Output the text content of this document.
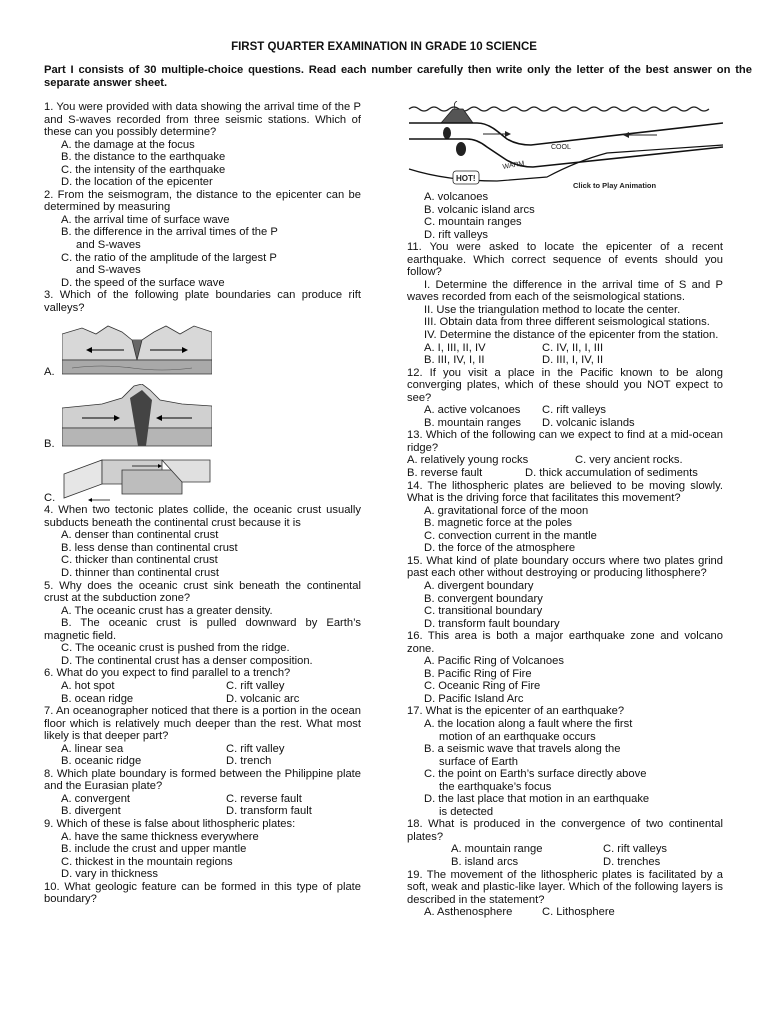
FIRST QUARTER EXAMINATION IN GRADE 10 SCIENCE
Part I consists of 30 multiple-choice questions. Read each number carefully then write only the letter of the best answer on the separate answer sheet.

1. You were provided with data showing the arrival time of the P and S-waves recorded from three seismic stations. Which of these can you possibly determine?

A. the damage at the focus

B. the distance to the earthquake

C. the intensity of the earthquake

D. the location of the epicenter

2. From the seismogram, the distance to the epicenter can be determined by measuring

A. the arrival time of surface wave

B. the difference in the arrival times of the P
and S-waves

C. the ratio of the amplitude of the largest P
and S-waves

D. the speed of the surface wave

3. Which of the following plate boundaries can produce rift valleys?

A.
B.
C.

4. When two tectonic plates collide, the oceanic crust usually subducts beneath the continental crust because it is

A. denser than continental crust

B. less dense than continental crust

C. thicker than continental crust

D. thinner than continental crust

5. Why does the oceanic crust sink beneath the continental crust at the subduction zone?

A. The oceanic crust has a greater density.

B. The oceanic crust is pulled downward by Earth’s magnetic field.

C. The oceanic crust is pushed from the ridge.

D. The continental crust has a denser composition.

6. What do you expect to find parallel to a trench?

A. hot spot	C. rift valley
B. ocean ridge	D. volcanic arc

7. An oceanographer noticed that there is a portion in the ocean floor which is relatively much deeper than the rest. What most likely is that deeper part?

A. linear sea	C. rift valley
B. oceanic ridge	D. trench

8. Which plate boundary is formed between the Philippine plate and the Eurasian plate?

A. convergent	C. reverse fault
B. divergent	D. transform fault

9. Which of these is false about lithospheric plates:

A. have the same thickness everywhere

B. include the crust and upper mantle

C. thickest in the mountain regions

D. vary in thickness

10. What geologic feature can be formed in this type of plate boundary?

COOL
WARM
HOT!
Click to Play Animation

A. volcanoes

B. volcanic island arcs

C. mountain ranges

D. rift valleys

11. You were asked to locate the epicenter of a recent earthquake. Which correct sequence of events should you follow?

I. Determine the difference in the arrival time of S and P waves recorded from each of the seismological stations.

II. Use the triangulation method to locate the center.

III. Obtain data from three different seismological stations.

IV. Determine the distance of the epicenter from the station.

A. I, III, II, IV	C. IV, II, I, III
B. III, IV, I, II	D. III, I, IV, II

12. If you visit a place in the Pacific known to be along converging plates, which of these should you NOT expect to see?

A. active volcanoes	C. rift valleys
B. mountain ranges	D. volcanic islands

13. Which of the following can we expect to find at a mid-ocean ridge?

A. relatively young rocks	C. very ancient rocks.
B. reverse fault	D. thick accumulation of sediments

14. The lithospheric plates are believed to be moving slowly. What is the driving force that facilitates this movement?

A. gravitational force of the moon

B. magnetic force at the poles

C. convection current in the mantle

D. the force of the atmosphere

15. What kind of plate boundary occurs where two plates grind past each other without destroying or producing lithosphere?

A. divergent boundary

B. convergent boundary

C. transitional boundary

D. transform fault boundary

16. This area is both a major earthquake zone and volcano zone.

A. Pacific Ring of Volcanoes

B. Pacific Ring of Fire

C. Oceanic Ring of Fire

D. Pacific Island Arc

17. What is the epicenter of an earthquake?

A. the location along a fault where the first
motion of an earthquake occurs

B. a seismic wave that travels along the
surface of Earth

C. the point on Earth’s surface directly above
the earthquake’s focus

D. the last place that motion in an earthquake
is detected

18. What is produced in the convergence of two continental plates?

A. mountain range	C. rift valleys
B. island arcs	D. trenches

19. The movement of the lithospheric plates is facilitated by a soft, weak and plastic-like layer. Which of the following layers is described in the statement?

A. Asthenosphere	C. Lithosphere
